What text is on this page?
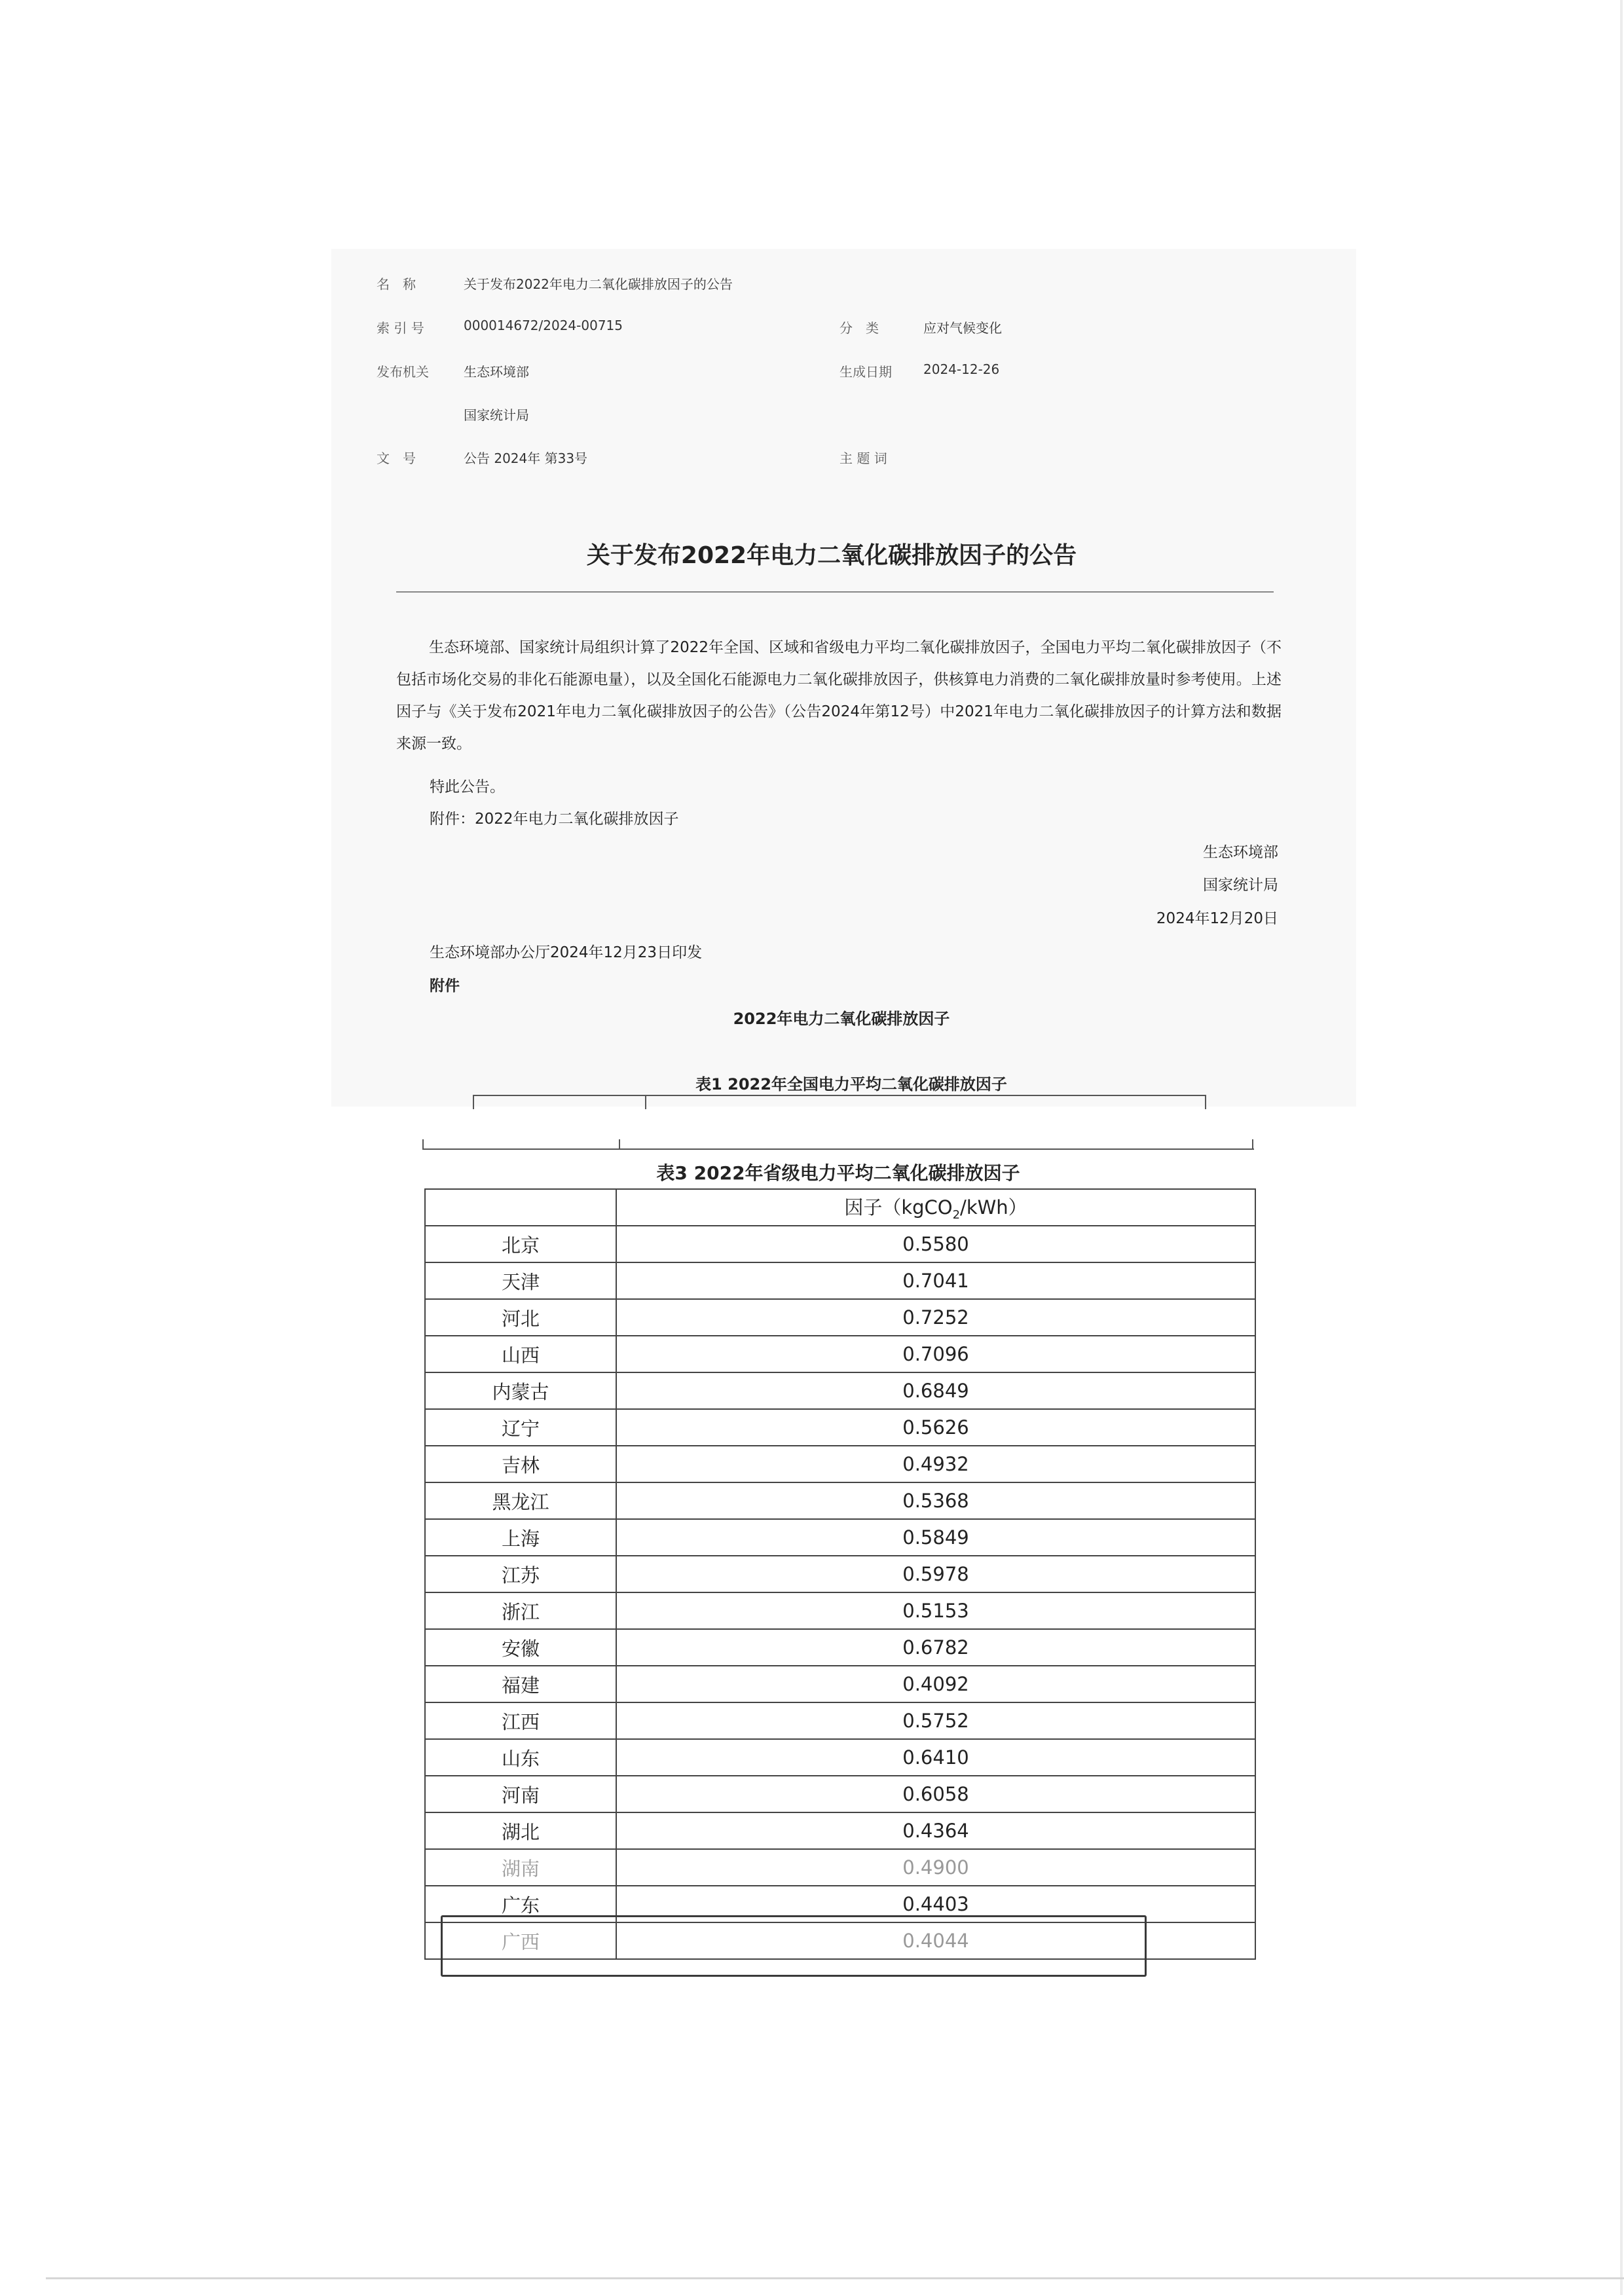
名　称	关于发布2022年电力二氧化碳排放因子的公告
索 引 号	000014672/2024-00715	分　类	应对气候变化
发布机关	生态环境部	生成日期 2024-12-26
国家统计局
文　号	公告 2024年 第33号	主 题 词
关于发布2022年电力二氧化碳排放因子的公告
生态环境部、国家统计局组织计算了2022年全国、区域和省级电力平均二氧化碳排放因子，全国电力平均二氧化碳排放因子（不包括市场化交易的非化石能源电量），以及全国化石能源电力二氧化碳排放因子，供核算电力消费的二氧化碳排放量时参考使用。上述因子与《关于发布2021年电力二氧化碳排放因子的公告》（公告2024年第12号）中2021年电力二氧化碳排放因子的计算方法和数据来源一致。
特此公告。
附件：2022年电力二氧化碳排放因子
生态环境部
国家统计局
2024年12月20日
生态环境部办公厅2024年12月23日印发
附件
2022年电力二氧化碳排放因子
表1 2022年全国电力平均二氧化碳排放因子
表3 2022年省级电力平均二氧化碳排放因子
	因子（kgCO$_2$/kWh）
北京	0.5580
天津	0.7041
河北	0.7252
山西	0.7096
内蒙古	0.6849
辽宁	0.5626
吉林	0.4932
黑龙江	0.5368
上海	0.5849
江苏	0.5978
浙江	0.5153
安徽	0.6782
福建	0.4092
江西	0.5752
山东	0.6410
河南	0.6058
湖北	0.4364
湖南	0.4900
广东	0.4403
广西	0.4044
